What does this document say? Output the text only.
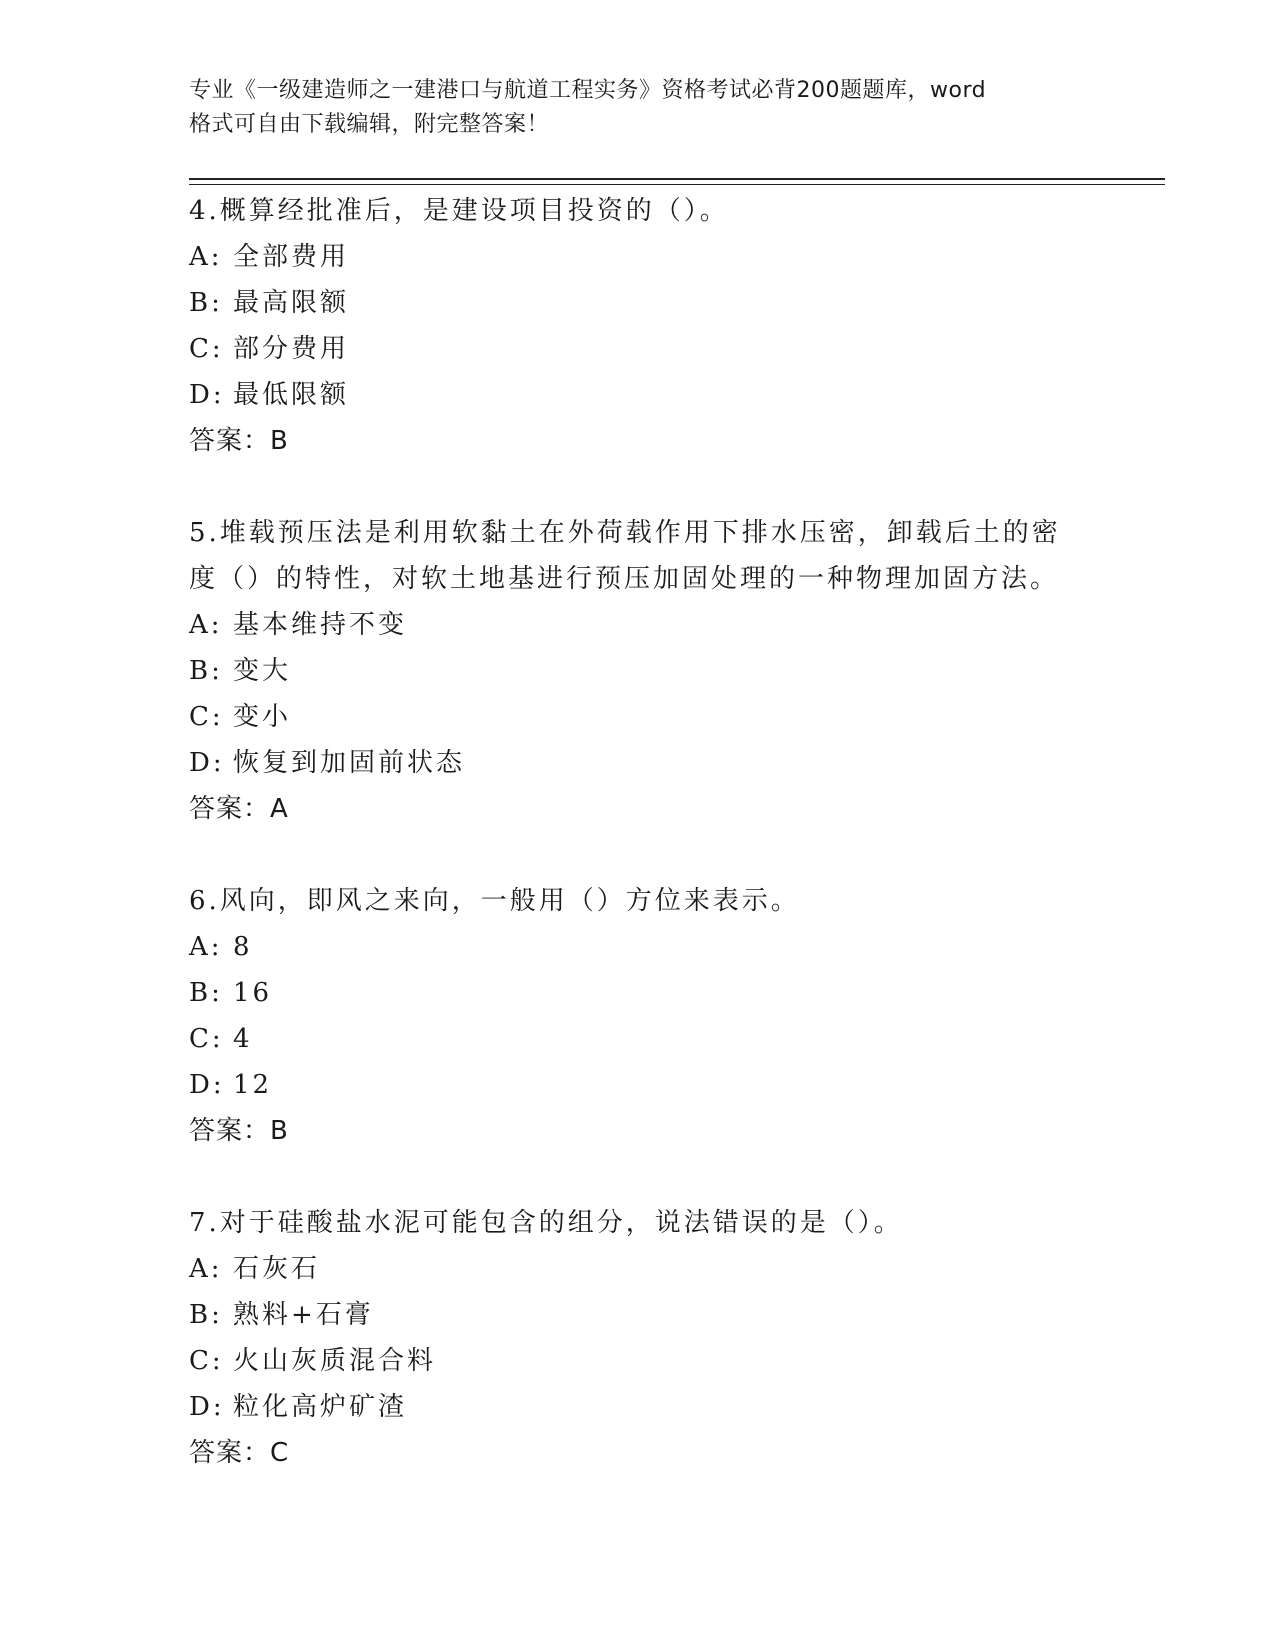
专业《一级建造师之一建港口与航道工程实务》资格考试必背200题题库，word
格式可自由下载编辑，附完整答案！
4.概算经批准后，是建设项目投资的（）。
A: 全部费用
B: 最高限额
C: 部分费用
D: 最低限额
答案：B
5.堆载预压法是利用软黏土在外荷载作用下排水压密，卸载后土的密
度（）的特性，对软土地基进行预压加固处理的一种物理加固方法。
A: 基本维持不变
B: 变大
C: 变小
D: 恢复到加固前状态
答案：A
6.风向，即风之来向，一般用（）方位来表示。
A: 8
B: 16
C: 4
D: 12
答案：B
7.对于硅酸盐水泥可能包含的组分，说法错误的是（）。
A: 石灰石
B: 熟料+石膏
C: 火山灰质混合料
D: 粒化高炉矿渣
答案：C
